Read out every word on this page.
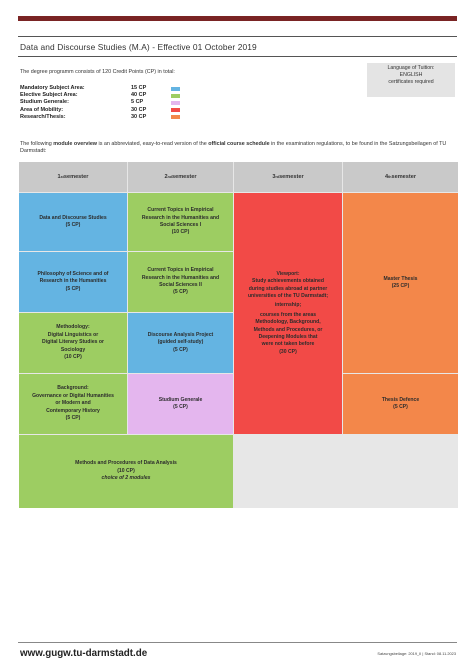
Data and Discourse Studies (M.A) - Effective 01 October 2019
The degree programm consists of 120 Credit Points (CP) in total:
Mandatory Subject Area:	15 CP
Elective Subject Area:	40 CP
Studium Generale:	5 CP
Area of Mobility:	30 CP
Research/Thesis:	30 CP
Language of Tuition:
ENGLISH
certificates required
The following module overview is an abbreviated, easy-to-read version of the official course schedule in the examination regulations, to be found in the Satzungsbeilagen of TU Darmstadt:
1 st semester	2 nd semester	3 rd semester	4 th semester
Data and Discourse Studies
(5 CP)
Current Topics in Empirical
Research in the Humanities and
Social Sciences I
(10 CP)
Philosophy of Science and of
Research in the Humanities
(5 CP)
Current Topics in Empirical
Research in the Humanities and
Social Sciences II
(5 CP)
Methodology:
Digital Linguistics or
Digital Literary Studies or
Sociology
(10 CP)
Discourse Analysis Project
(guided self-study)
(5 CP)
Background:
Governance or Digital Humanities
or Modern and
Contemporary History
(5 CP)
Studium Generale
(5 CP)
Viewport:
Study achievements obtained
during studies abroad at partner
universities of the TU Darmstadt;
internship;
courses from the areas
Methodology, Background,
Methods and Procedures, or
Deepening Modules that
were not taken before
(30 CP)
Master Thesis
(25 CP)
Thesis Defence
(5 CP)
Methods and Procedures of Data Analysis
(10 CP)
choice of 2 modules
www.gugw.tu-darmstadt.de	Satzungsbeilage: 2019_II | Stand: 08.11.2023
